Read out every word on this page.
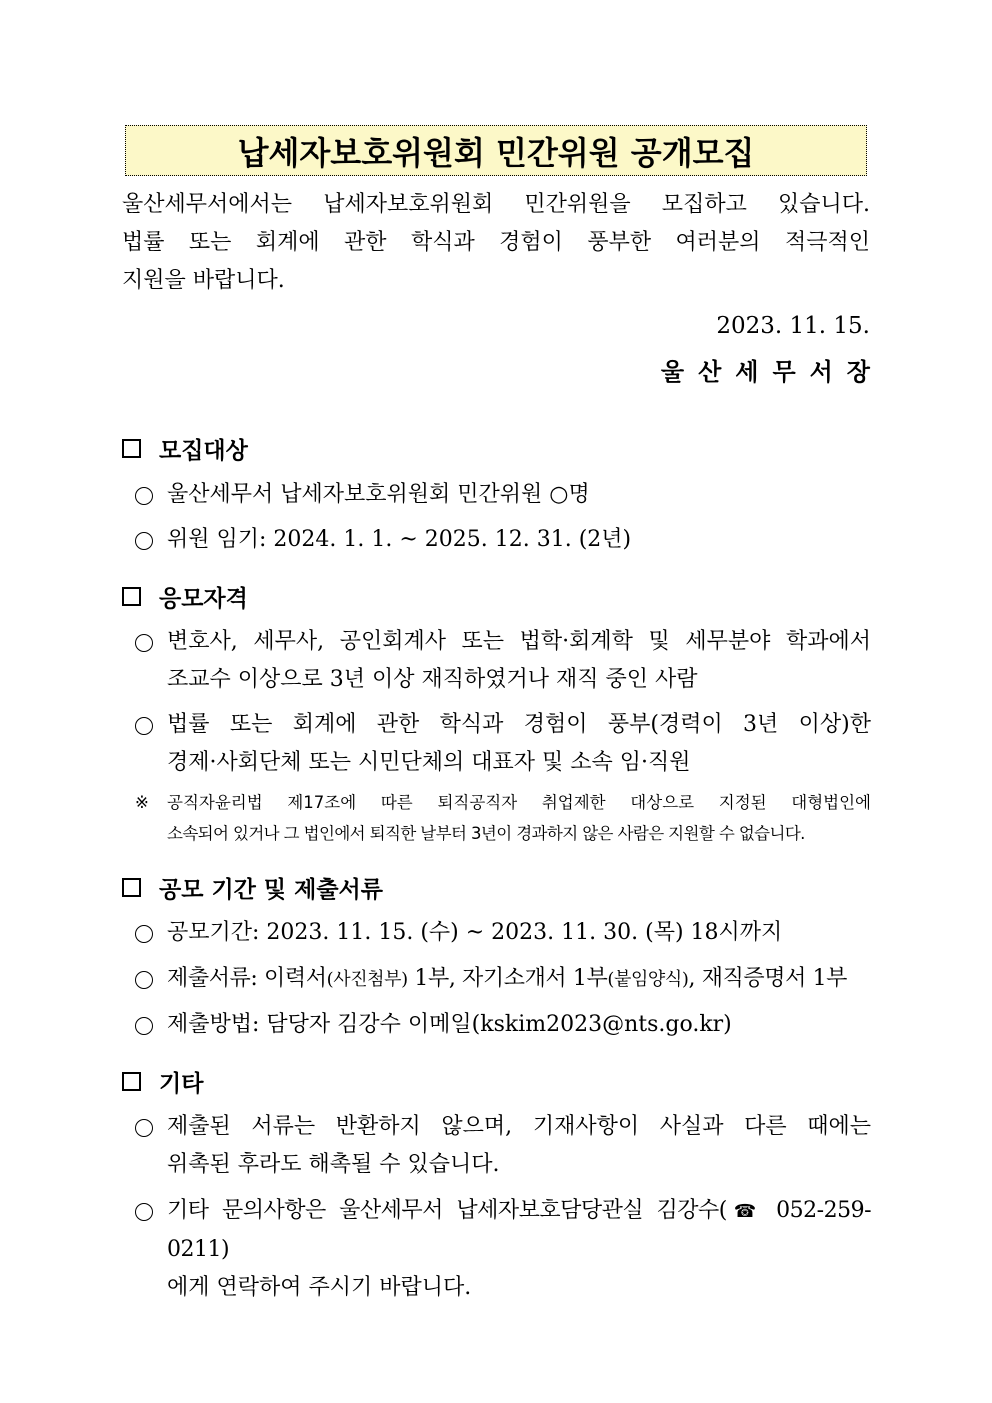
납세자보호위원회 민간위원 공개모집
울산세무서에서는 납세자보호위원회 민간위원을 모집하고 있습니다.
법률 또는 회계에 관한 학식과 경험이 풍부한 여러분의 적극적인
지원을 바랍니다.
2023. 11. 15.
울산세무서장
모집대상
울산세무서 납세자보호위원회 민간위원 ○명
위원 임기: 2024. 1. 1. ~ 2025. 12. 31. (2년)
응모자격
변호사, 세무사, 공인회계사 또는 법학·회계학 및 세무분야 학과에서
조교수 이상으로 3년 이상 재직하였거나 재직 중인 사람
법률 또는 회계에 관한 학식과 경험이 풍부(경력이 3년 이상)한
경제·사회단체 또는 시민단체의 대표자 및 소속 임·직원
※	공직자윤리법 제17조에 따른 퇴직공직자 취업제한 대상으로 지정된 대형법인에
소속되어 있거나 그 법인에서 퇴직한 날부터 3년이 경과하지 않은 사람은 지원할 수 없습니다.
공모 기간 및 제출서류
공모기간: 2023. 11. 15. (수) ~ 2023. 11. 30. (목) 18시까지
제출서류: 이력서(사진첨부) 1부, 자기소개서 1부(붙임양식), 재직증명서 1부
제출방법: 담당자 김강수 이메일(kskim2023@nts.go.kr)
기타
제출된 서류는 반환하지 않으며, 기재사항이 사실과 다른 때에는
위촉된 후라도 해촉될 수 있습니다.
기타 문의사항은 울산세무서 납세자보호담당관실 김강수(☎ 052-259-0211)
에게 연락하여 주시기 바랍니다.
